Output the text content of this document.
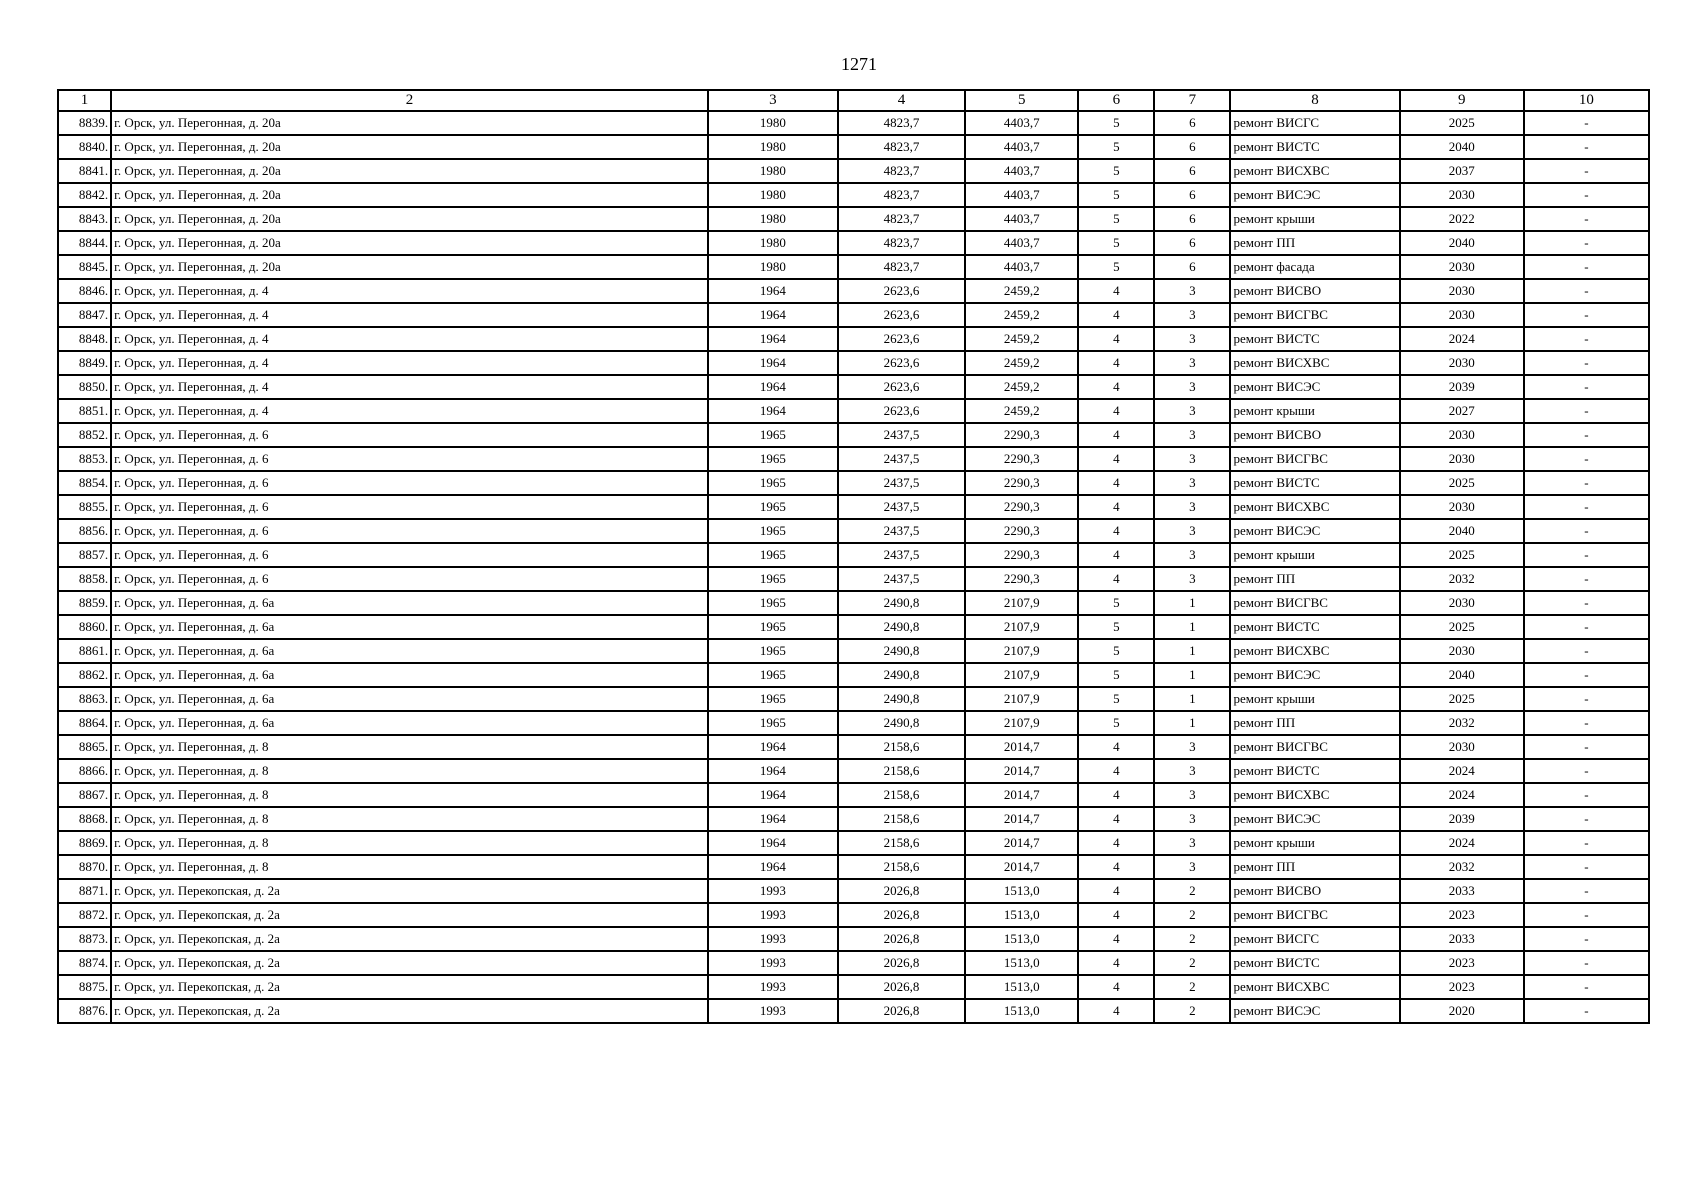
1271
1	2	3	4	5	6	7	8	9	10
8839.	г. Орск, ул. Перегонная, д. 20а	1980	4823,7	4403,7	5	6	ремонт ВИСГС	2025	-
8840.	г. Орск, ул. Перегонная, д. 20а	1980	4823,7	4403,7	5	6	ремонт ВИСТС	2040	-
8841.	г. Орск, ул. Перегонная, д. 20а	1980	4823,7	4403,7	5	6	ремонт ВИСХВС	2037	-
8842.	г. Орск, ул. Перегонная, д. 20а	1980	4823,7	4403,7	5	6	ремонт ВИСЭС	2030	-
8843.	г. Орск, ул. Перегонная, д. 20а	1980	4823,7	4403,7	5	6	ремонт крыши	2022	-
8844.	г. Орск, ул. Перегонная, д. 20а	1980	4823,7	4403,7	5	6	ремонт ПП	2040	-
8845.	г. Орск, ул. Перегонная, д. 20а	1980	4823,7	4403,7	5	6	ремонт фасада	2030	-
8846.	г. Орск, ул. Перегонная, д. 4	1964	2623,6	2459,2	4	3	ремонт ВИСВО	2030	-
8847.	г. Орск, ул. Перегонная, д. 4	1964	2623,6	2459,2	4	3	ремонт ВИСГВС	2030	-
8848.	г. Орск, ул. Перегонная, д. 4	1964	2623,6	2459,2	4	3	ремонт ВИСТС	2024	-
8849.	г. Орск, ул. Перегонная, д. 4	1964	2623,6	2459,2	4	3	ремонт ВИСХВС	2030	-
8850.	г. Орск, ул. Перегонная, д. 4	1964	2623,6	2459,2	4	3	ремонт ВИСЭС	2039	-
8851.	г. Орск, ул. Перегонная, д. 4	1964	2623,6	2459,2	4	3	ремонт крыши	2027	-
8852.	г. Орск, ул. Перегонная, д. 6	1965	2437,5	2290,3	4	3	ремонт ВИСВО	2030	-
8853.	г. Орск, ул. Перегонная, д. 6	1965	2437,5	2290,3	4	3	ремонт ВИСГВС	2030	-
8854.	г. Орск, ул. Перегонная, д. 6	1965	2437,5	2290,3	4	3	ремонт ВИСТС	2025	-
8855.	г. Орск, ул. Перегонная, д. 6	1965	2437,5	2290,3	4	3	ремонт ВИСХВС	2030	-
8856.	г. Орск, ул. Перегонная, д. 6	1965	2437,5	2290,3	4	3	ремонт ВИСЭС	2040	-
8857.	г. Орск, ул. Перегонная, д. 6	1965	2437,5	2290,3	4	3	ремонт крыши	2025	-
8858.	г. Орск, ул. Перегонная, д. 6	1965	2437,5	2290,3	4	3	ремонт ПП	2032	-
8859.	г. Орск, ул. Перегонная, д. 6а	1965	2490,8	2107,9	5	1	ремонт ВИСГВС	2030	-
8860.	г. Орск, ул. Перегонная, д. 6а	1965	2490,8	2107,9	5	1	ремонт ВИСТС	2025	-
8861.	г. Орск, ул. Перегонная, д. 6а	1965	2490,8	2107,9	5	1	ремонт ВИСХВС	2030	-
8862.	г. Орск, ул. Перегонная, д. 6а	1965	2490,8	2107,9	5	1	ремонт ВИСЭС	2040	-
8863.	г. Орск, ул. Перегонная, д. 6а	1965	2490,8	2107,9	5	1	ремонт крыши	2025	-
8864.	г. Орск, ул. Перегонная, д. 6а	1965	2490,8	2107,9	5	1	ремонт ПП	2032	-
8865.	г. Орск, ул. Перегонная, д. 8	1964	2158,6	2014,7	4	3	ремонт ВИСГВС	2030	-
8866.	г. Орск, ул. Перегонная, д. 8	1964	2158,6	2014,7	4	3	ремонт ВИСТС	2024	-
8867.	г. Орск, ул. Перегонная, д. 8	1964	2158,6	2014,7	4	3	ремонт ВИСХВС	2024	-
8868.	г. Орск, ул. Перегонная, д. 8	1964	2158,6	2014,7	4	3	ремонт ВИСЭС	2039	-
8869.	г. Орск, ул. Перегонная, д. 8	1964	2158,6	2014,7	4	3	ремонт крыши	2024	-
8870.	г. Орск, ул. Перегонная, д. 8	1964	2158,6	2014,7	4	3	ремонт ПП	2032	-
8871.	г. Орск, ул. Перекопская, д. 2а	1993	2026,8	1513,0	4	2	ремонт ВИСВО	2033	-
8872.	г. Орск, ул. Перекопская, д. 2а	1993	2026,8	1513,0	4	2	ремонт ВИСГВС	2023	-
8873.	г. Орск, ул. Перекопская, д. 2а	1993	2026,8	1513,0	4	2	ремонт ВИСГС	2033	-
8874.	г. Орск, ул. Перекопская, д. 2а	1993	2026,8	1513,0	4	2	ремонт ВИСТС	2023	-
8875.	г. Орск, ул. Перекопская, д. 2а	1993	2026,8	1513,0	4	2	ремонт ВИСХВС	2023	-
8876.	г. Орск, ул. Перекопская, д. 2а	1993	2026,8	1513,0	4	2	ремонт ВИСЭС	2020	-
